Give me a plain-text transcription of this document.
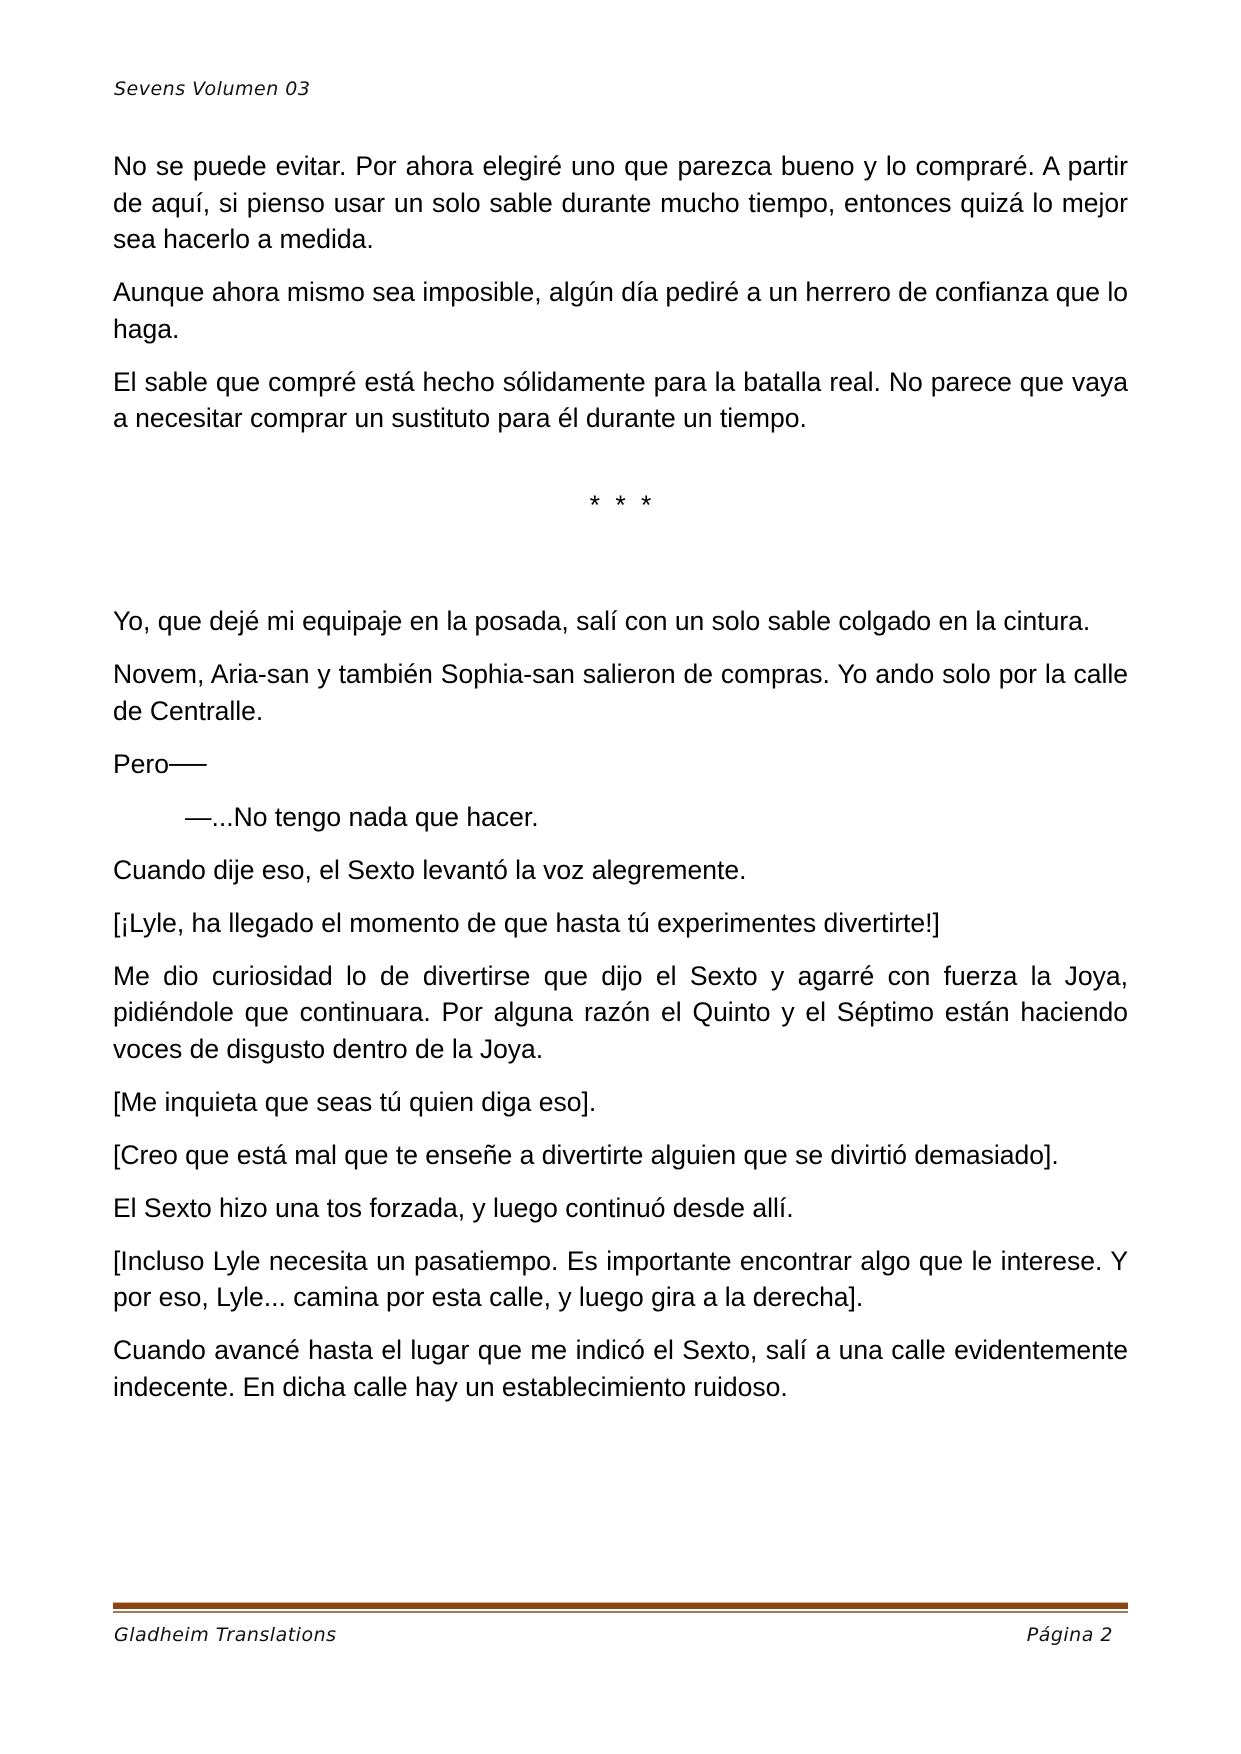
Sevens Volumen 03

No se puede evitar. Por ahora elegiré uno que parezca bueno y lo compraré. A partir de aquí, si pienso usar un solo sable durante mucho tiempo, entonces quizá lo mejor sea hacerlo a medida.

Aunque ahora mismo sea imposible, algún día pediré a un herrero de confianza que lo haga.

El sable que compré está hecho sólidamente para la batalla real. No parece que vaya a necesitar comprar un sustituto para él durante un tiempo.

* * *

Yo, que dejé mi equipaje en la posada, salí con un solo sable colgado en la cintura.

Novem, Aria-san y también Sophia-san salieron de compras. Yo ando solo por la calle de Centralle.

Pero──

—...No tengo nada que hacer.

Cuando dije eso, el Sexto levantó la voz alegremente.

[¡Lyle, ha llegado el momento de que hasta tú experimentes divertirte!]

Me dio curiosidad lo de divertirse que dijo el Sexto y agarré con fuerza la Joya, pidiéndole que continuara. Por alguna razón el Quinto y el Séptimo están haciendo voces de disgusto dentro de la Joya.

[Me inquieta que seas tú quien diga eso].

[Creo que está mal que te enseñe a divertirte alguien que se divirtió demasiado].

El Sexto hizo una tos forzada, y luego continuó desde allí.

[Incluso Lyle necesita un pasatiempo. Es importante encontrar algo que le interese. Y por eso, Lyle... camina por esta calle, y luego gira a la derecha].

Cuando avancé hasta el lugar que me indicó el Sexto, salí a una calle evidentemente indecente. En dicha calle hay un establecimiento ruidoso.

Gladheim Translations	Página 2
